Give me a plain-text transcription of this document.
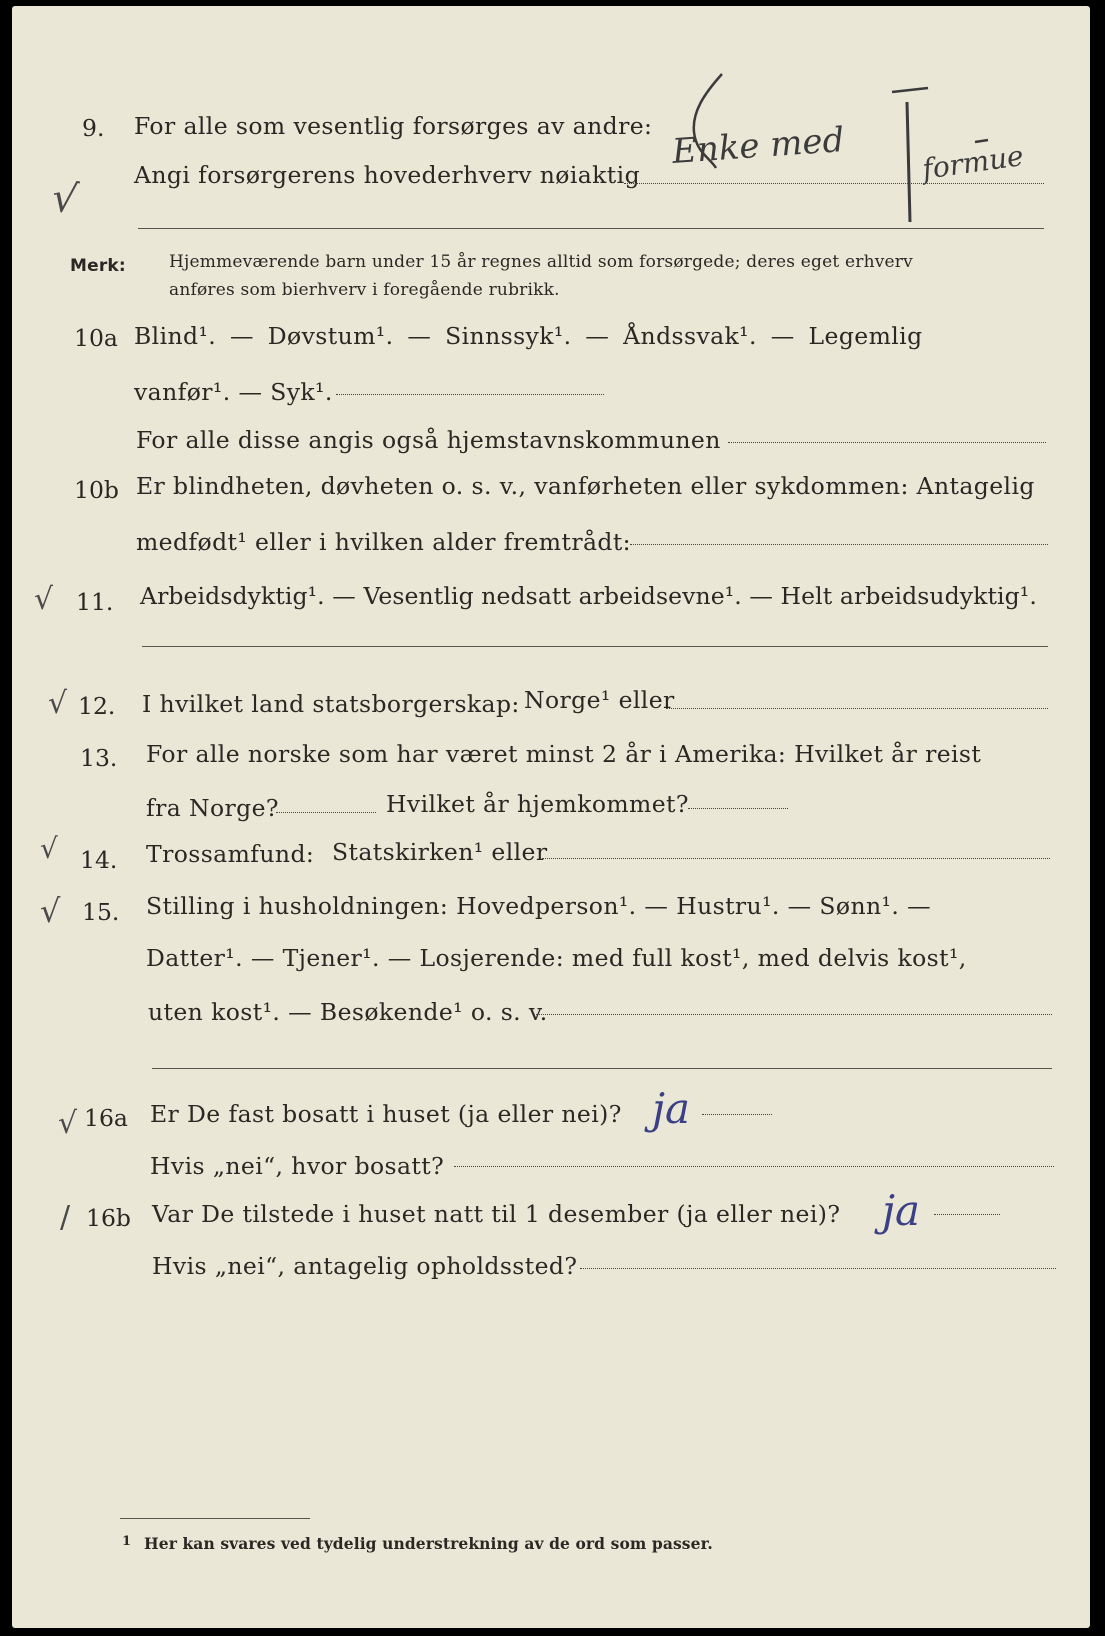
9. For alle som vesentlig forsørges av andre:
Angi forsørgerens hovederhverv nøiaktig
√
Enke med	formue
Merk:	Hjemmeværende barn under 15 år regnes alltid som forsørgede; deres eget erhverv
anføres som bierhverv i foregående rubrikk.
10a Blind¹. — Døvstum¹. — Sinnssyk¹. — Åndssvak¹. — Legemlig
vanfør¹. — Syk¹.
For alle disse angis også hjemstavnskommunen
10b Er blindheten, døvheten o. s. v., vanførheten eller sykdommen: Antagelig
medfødt¹ eller i hvilken alder fremtrådt:
√ 11. Arbeidsdyktig¹. — Vesentlig nedsatt arbeidsevne¹. — Helt arbeidsudyktig¹.
√ 12. I hvilket land statsborgerskap: Norge¹ eller
13. For alle norske som har været minst 2 år i Amerika: Hvilket år reist
fra Norge?	Hvilket år hjemkommet?
√ 14. Trossamfund: Statskirken¹ eller
√ 15. Stilling i husholdningen: Hovedperson¹. — Hustru¹. — Sønn¹. —
Datter¹. — Tjener¹. — Losjerende: med full kost¹, med delvis kost¹,
uten kost¹. — Besøkende¹ o. s. v.
√ 16a Er De fast bosatt i huset (ja eller nei)? ja
Hvis „nei“, hvor bosatt?
/ 16b Var De tilstede i huset natt til 1 desember (ja eller nei)? ja
Hvis „nei“, antagelig opholdssted?
1 Her kan svares ved tydelig understrekning av de ord som passer.
